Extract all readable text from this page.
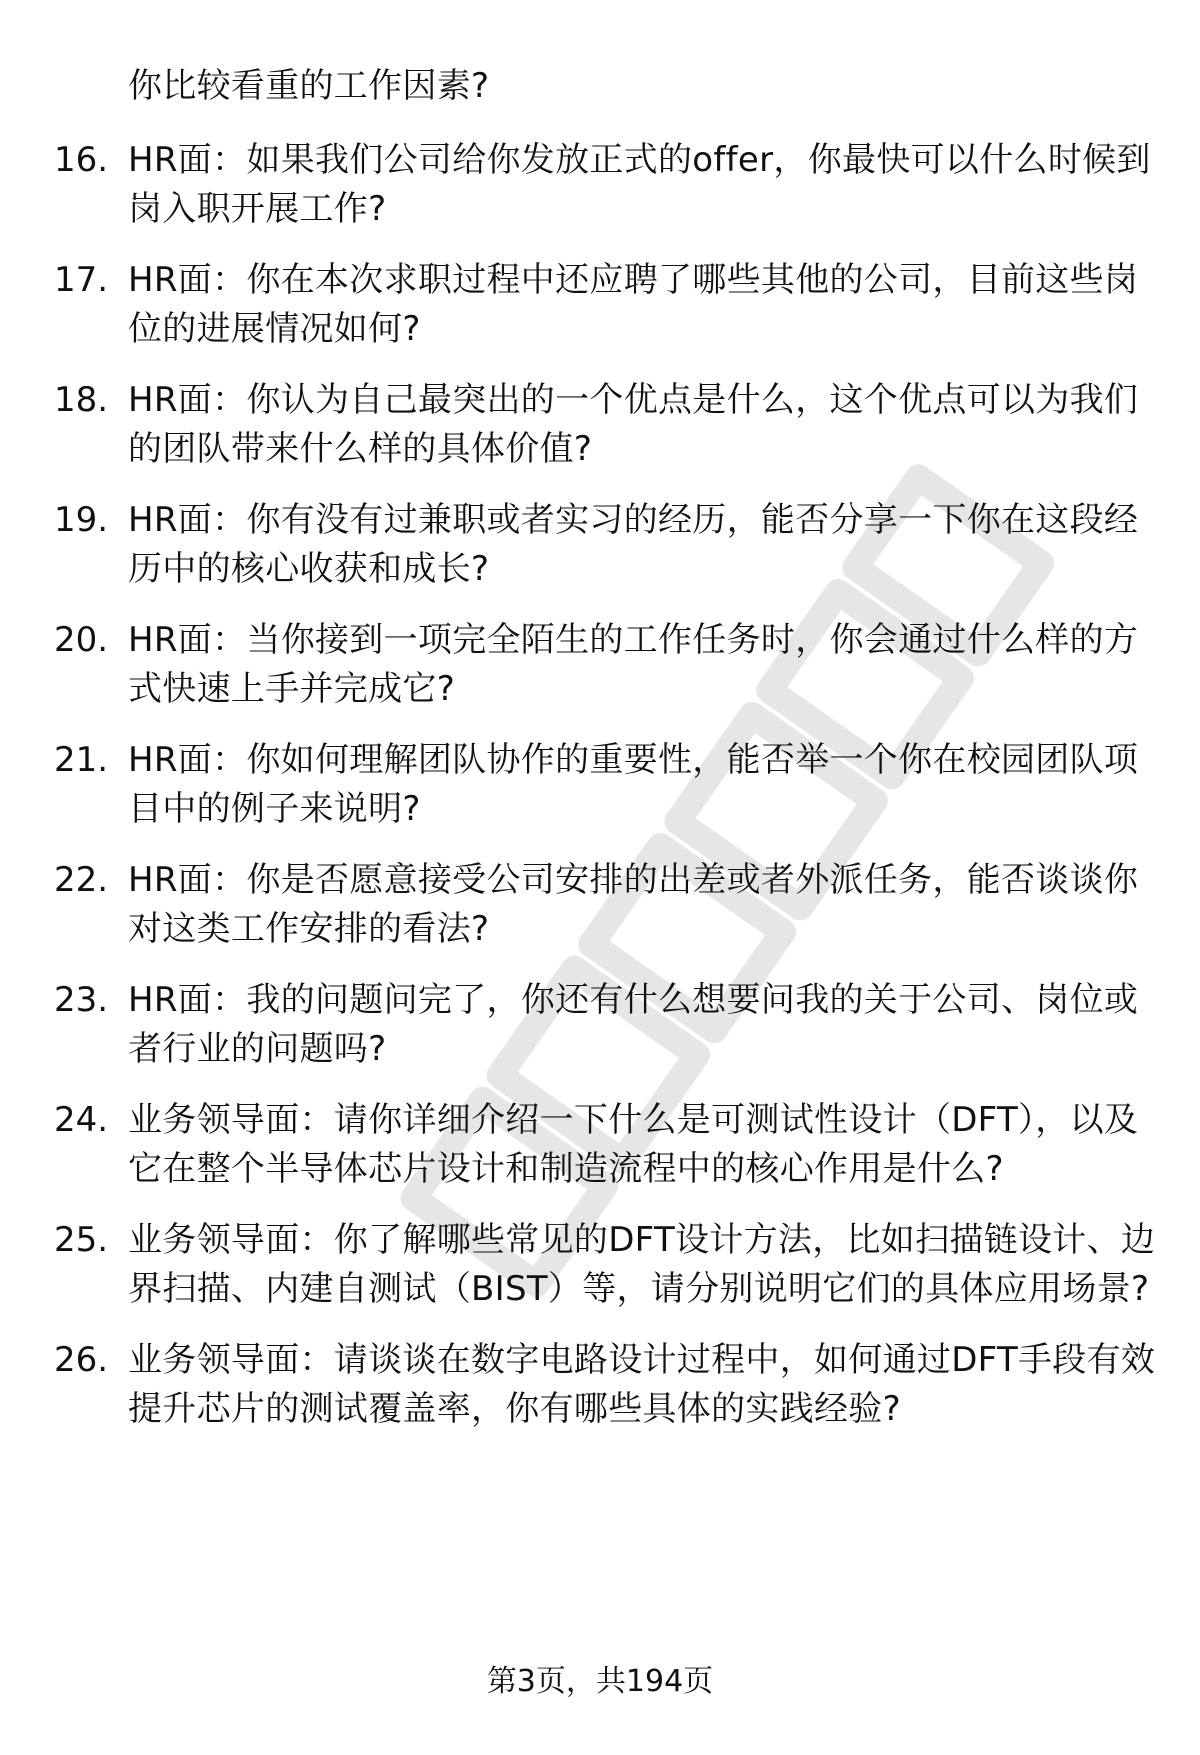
你比较看重的工作因素?
16. HR面：如果我们公司给你发放正式的offer，你最快可以什么时候到岗入职开展工作?
17. HR面：你在本次求职过程中还应聘了哪些其他的公司，目前这些岗位的进展情况如何?
18. HR面：你认为自己最突出的一个优点是什么，这个优点可以为我们的团队带来什么样的具体价值?
19. HR面：你有没有过兼职或者实习的经历，能否分享一下你在这段经历中的核心收获和成长?
20. HR面：当你接到一项完全陌生的工作任务时，你会通过什么样的方式快速上手并完成它?
21. HR面：你如何理解团队协作的重要性，能否举一个你在校园团队项目中的例子来说明?
22. HR面：你是否愿意接受公司安排的出差或者外派任务，能否谈谈你对这类工作安排的看法?
23. HR面：我的问题问完了，你还有什么想要问我的关于公司、岗位或者行业的问题吗?
24. 业务领导面：请你详细介绍一下什么是可测试性设计（DFT），以及它在整个半导体芯片设计和制造流程中的核心作用是什么?
25. 业务领导面：你了解哪些常见的DFT设计方法，比如扫描链设计、边界扫描、内建自测试（BIST）等，请分别说明它们的具体应用场景?
26. 业务领导面：请谈谈在数字电路设计过程中，如何通过DFT手段有效提升芯片的测试覆盖率，你有哪些具体的实践经验?
第3页，共194页
